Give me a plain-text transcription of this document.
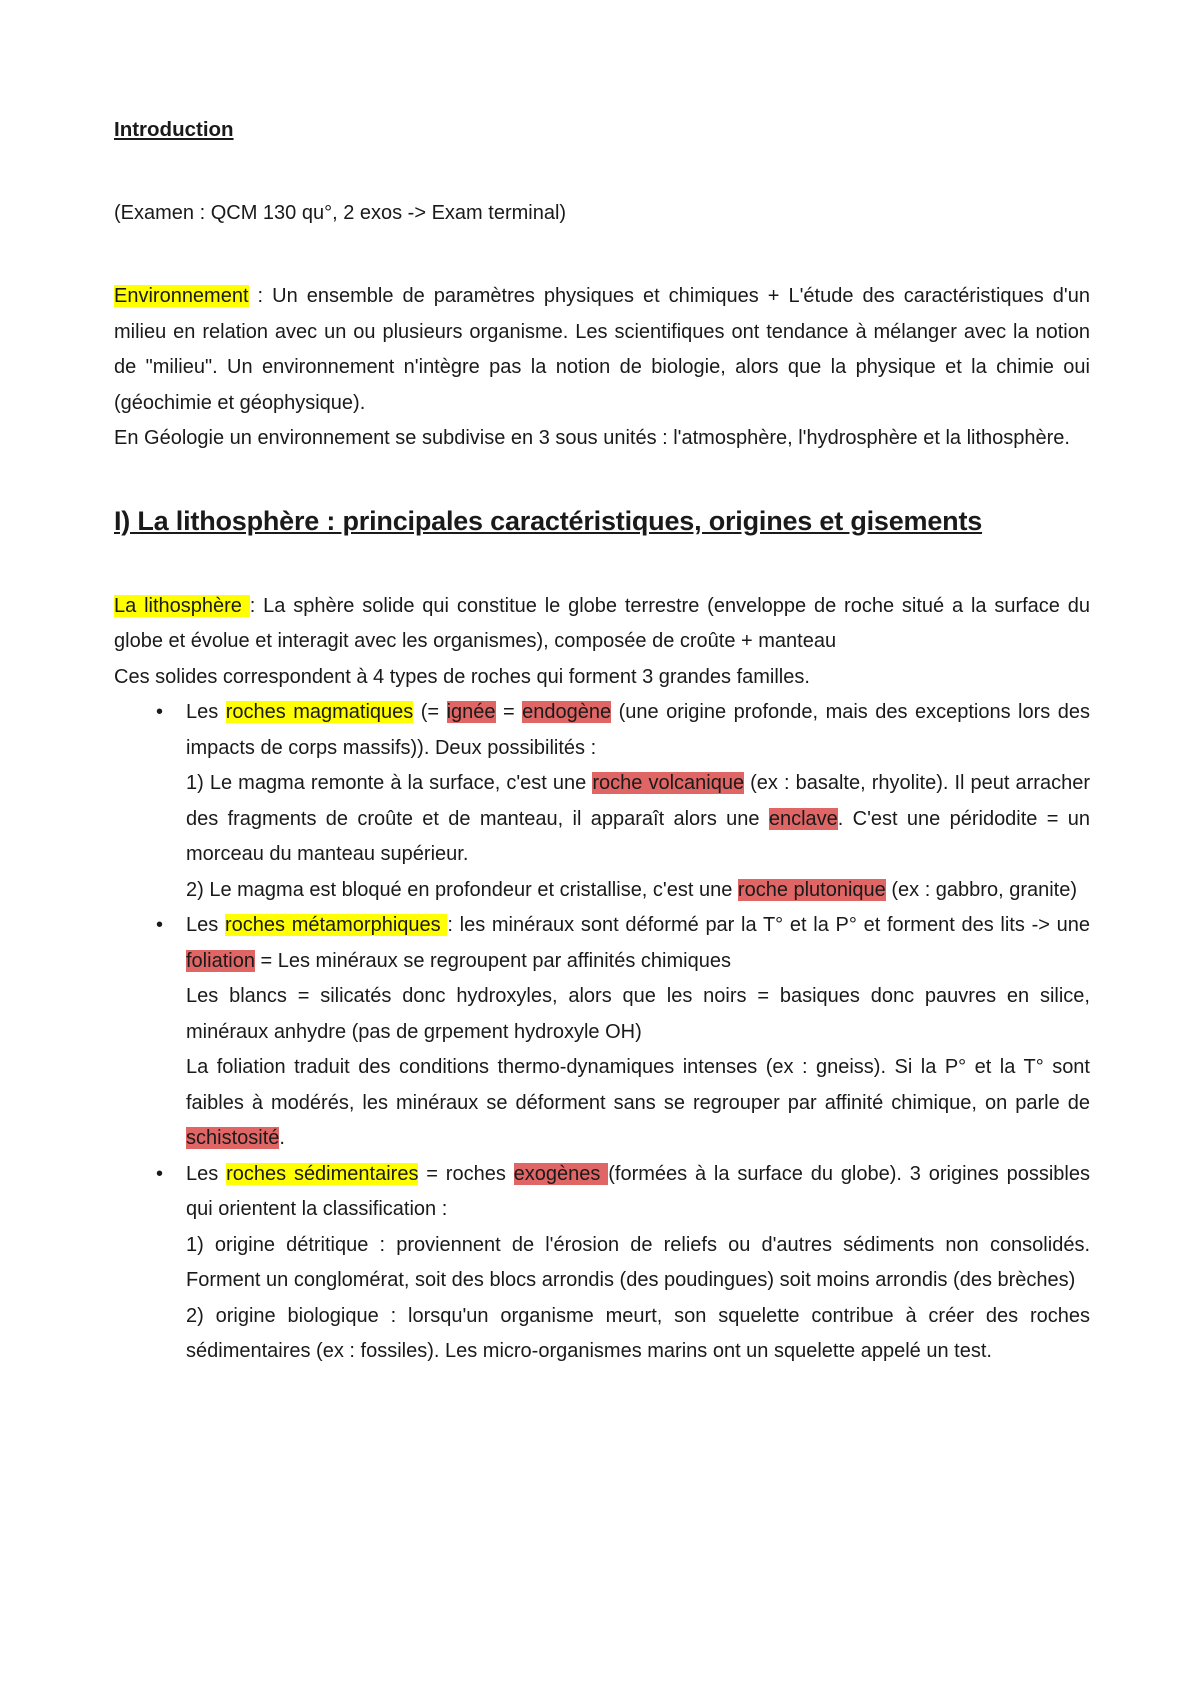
Introduction

(Examen : QCM 130 qu°, 2 exos -> Exam terminal)

Environnement : Un ensemble de paramètres physiques et chimiques + L'étude des caractéristiques d'un milieu en relation avec un ou plusieurs organisme. Les scientifiques ont tendance à mélanger avec la notion de "milieu". Un environnement n'intègre pas la notion de biologie, alors que la physique et la chimie oui (géochimie et géophysique).

En Géologie un environnement se subdivise en 3 sous unités : l'atmosphère, l'hydrosphère et la lithosphère.

I) La lithosphère : principales caractéristiques, origines et gisements

La lithosphère : La sphère solide qui constitue le globe terrestre (enveloppe de roche situé a la surface du globe et évolue et interagit avec les organismes), composée de croûte + manteau

Ces solides correspondent à 4 types de roches qui forment 3 grandes familles.

• Les roches magmatiques (= ignée = endogène (une origine profonde, mais des exceptions lors des impacts de corps massifs)). Deux possibilités :

1) Le magma remonte à la surface, c'est une roche volcanique (ex : basalte, rhyolite). Il peut arracher des fragments de croûte et de manteau, il apparaît alors une enclave. C'est une péridodite = un morceau du manteau supérieur.

2) Le magma est bloqué en profondeur et cristallise, c'est une roche plutonique (ex : gabbro, granite)

• Les roches métamorphiques : les minéraux sont déformé par la T° et la P° et forment des lits -> une foliation = Les minéraux se regroupent par affinités chimiques

Les blancs = silicatés donc hydroxyles, alors que les noirs = basiques donc pauvres en silice, minéraux anhydre (pas de grpement hydroxyle OH)

La foliation traduit des conditions thermo-dynamiques intenses (ex : gneiss). Si la P° et la T° sont faibles à modérés, les minéraux se déforment sans se regrouper par affinité chimique, on parle de schistosité.

• Les roches sédimentaires = roches exogènes (formées à la surface du globe). 3 origines possibles qui orientent la classification :

1) origine détritique : proviennent de l'érosion de reliefs ou d'autres sédiments non consolidés. Forment un conglomérat, soit des blocs arrondis (des poudingues) soit moins arrondis (des brèches)

2) origine biologique : lorsqu'un organisme meurt, son squelette contribue à créer des roches sédimentaires (ex : fossiles). Les micro-organismes marins ont un squelette appelé un test.
